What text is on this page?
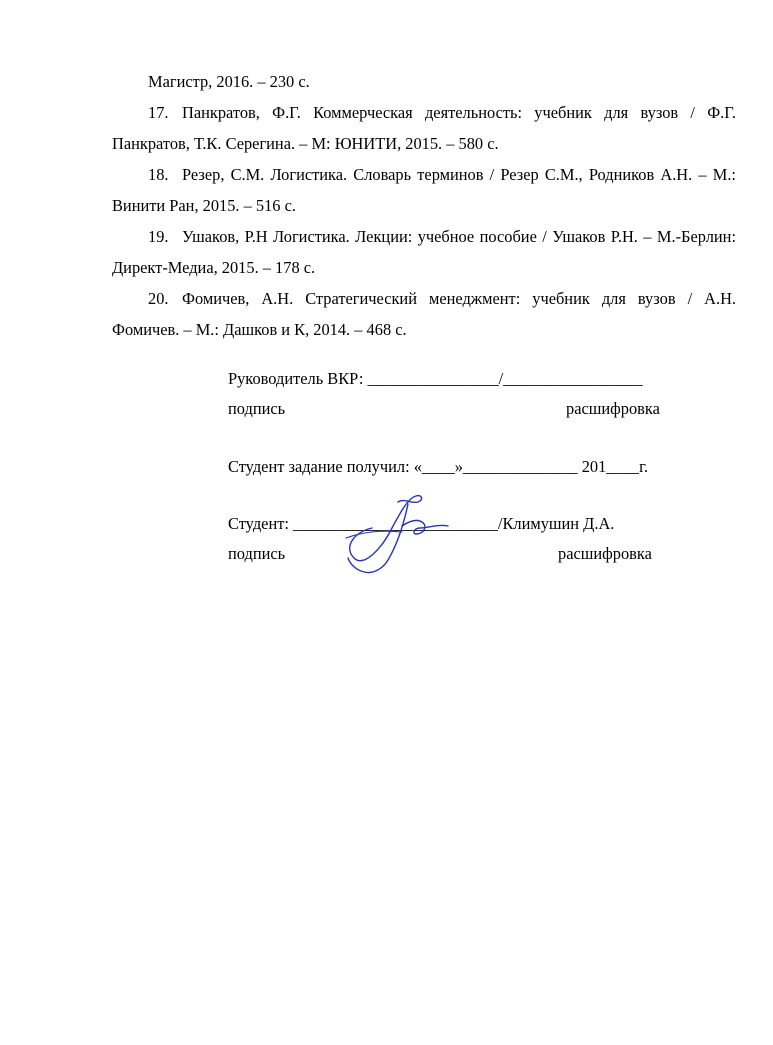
Магистр, 2016. – 230 с.

17. Панкратов, Ф.Г. Коммерческая деятельность: учебник для вузов / Ф.Г. Панкратов, Т.К. Серегина. – М: ЮНИТИ, 2015. – 580 с.

18. Резер, С.М. Логистика. Словарь терминов / Резер С.М., Родников А.Н. – М.: Винити Ран, 2015. – 516 с.

19. Ушаков, Р.Н Логистика. Лекции: учебное пособие / Ушаков Р.Н. – М.-Берлин: Директ-Медиа, 2015. – 178 с.

20. Фомичев, А.Н. Стратегический менеджмент: учебник для вузов / А.Н. Фомичев. – М.: Дашков и К, 2014. – 468 с.

Руководитель ВКР: ________________/_________________
подпись	расшифровка
Студент задание получил: «____»______________ 201____г.
Студент: _________________________/Климушин Д.А.
подпись	расшифровка
